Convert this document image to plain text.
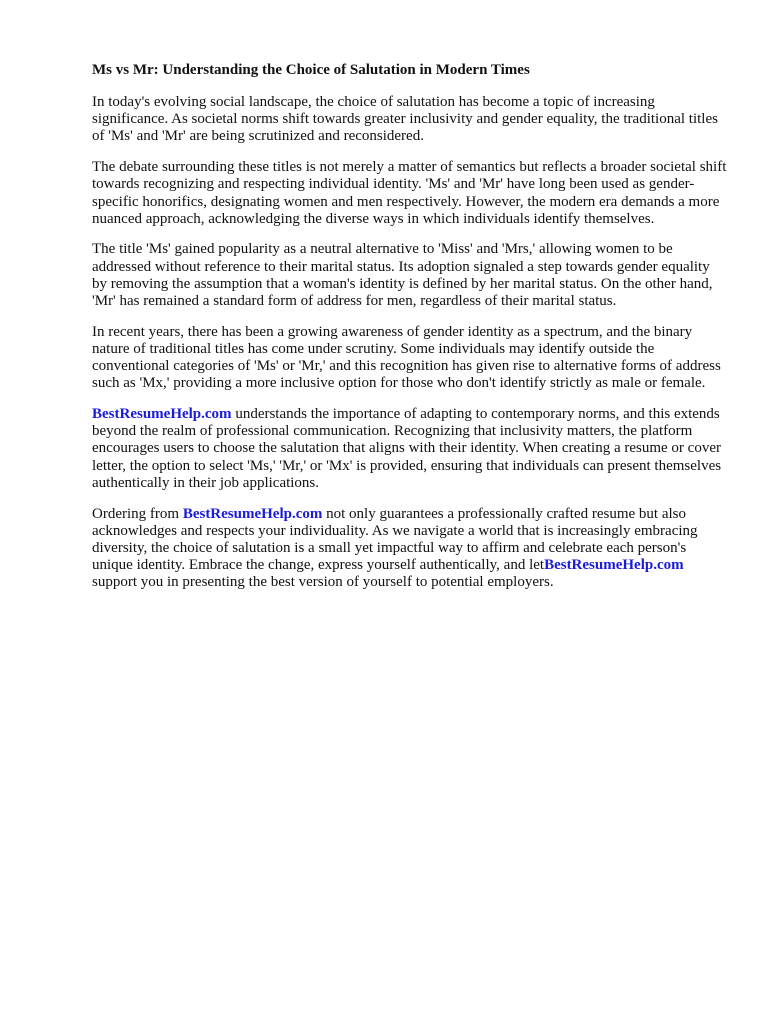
Ms vs Mr: Understanding the Choice of Salutation in Modern Times

In today's evolving social landscape, the choice of salutation has become a topic of increasing significance. As societal norms shift towards greater inclusivity and gender equality, the traditional titles of 'Ms' and 'Mr' are being scrutinized and reconsidered.

The debate surrounding these titles is not merely a matter of semantics but reflects a broader societal shift towards recognizing and respecting individual identity. 'Ms' and 'Mr' have long been used as gender-specific honorifics, designating women and men respectively. However, the modern era demands a more nuanced approach, acknowledging the diverse ways in which individuals identify themselves.

The title 'Ms' gained popularity as a neutral alternative to 'Miss' and 'Mrs,' allowing women to be addressed without reference to their marital status. Its adoption signaled a step towards gender equality by removing the assumption that a woman's identity is defined by her marital status. On the other hand, 'Mr' has remained a standard form of address for men, regardless of their marital status.

In recent years, there has been a growing awareness of gender identity as a spectrum, and the binary nature of traditional titles has come under scrutiny. Some individuals may identify outside the conventional categories of 'Ms' or 'Mr,' and this recognition has given rise to alternative forms of address such as 'Mx,' providing a more inclusive option for those who don't identify strictly as male or female.

BestResumeHelp.com understands the importance of adapting to contemporary norms, and this extends beyond the realm of professional communication. Recognizing that inclusivity matters, the platform encourages users to choose the salutation that aligns with their identity. When creating a resume or cover letter, the option to select 'Ms,' 'Mr,' or 'Mx' is provided, ensuring that individuals can present themselves authentically in their job applications.

Ordering from BestResumeHelp.com not only guarantees a professionally crafted resume but also acknowledges and respects your individuality. As we navigate a world that is increasingly embracing diversity, the choice of salutation is a small yet impactful way to affirm and celebrate each person's unique identity. Embrace the change, express yourself authentically, and letBestResumeHelp.com support you in presenting the best version of yourself to potential employers.
